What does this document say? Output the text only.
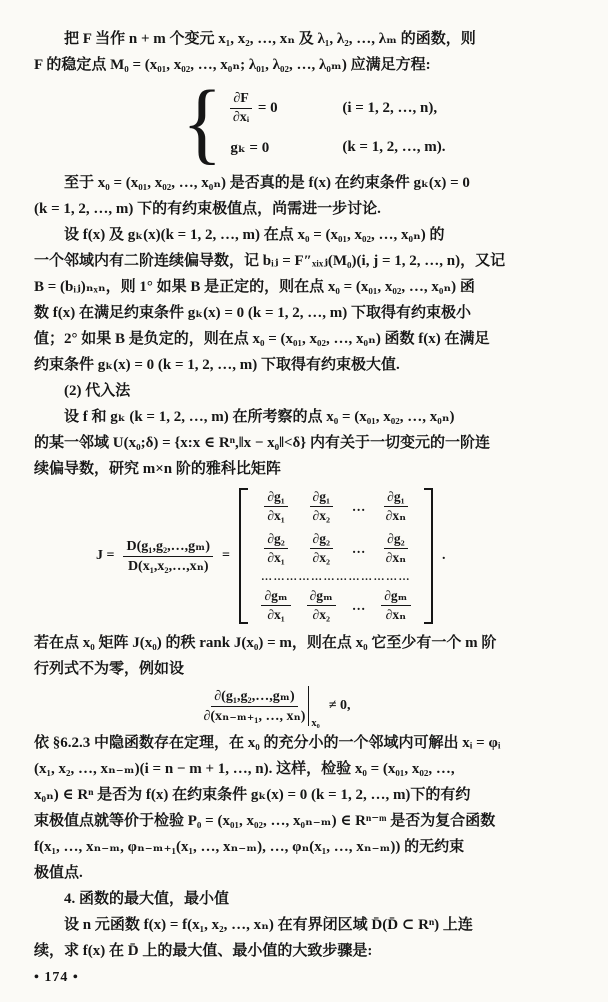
把 F 当作 n + m 个变元 x₁, x₂, …, xₙ 及 λ₁, λ₂, …, λₘ 的函数，则
F 的稳定点 M₀ = (x₀₁, x₀₂, …, x₀ₙ; λ₀₁, λ₀₂, …, λ₀ₘ) 应满足方程:
{ $\frac{\partial F}{\text{∂xᵢ}} = 0$	(i = 1, 2, …, n),
gₖ = 0	(k = 1, 2, …, m).
至于 x₀ = (x₀₁, x₀₂, …, x₀ₙ) 是否真的是 f(x) 在约束条件 gₖ(x) = 0
(k = 1, 2, …, m) 下的有约束极值点，尚需进一步讨论.
设 f(x) 及 gₖ(x)(k = 1, 2, …, m) 在点 x₀ = (x₀₁, x₀₂, …, x₀ₙ) 的
一个邻域内有二阶连续偏导数，记 bᵢⱼ = F″ₓᵢₓⱼ(M₀)(i, j = 1, 2, …, n)，又记
B = (bᵢⱼ)ₙₓₙ，则 1° 如果 B 是正定的，则在点 x₀ = (x₀₁, x₀₂, …, x₀ₙ) 函
数 f(x) 在满足约束条件 gₖ(x) = 0 (k = 1, 2, …, m) 下取得有约束极小
值；2° 如果 B 是负定的，则在点 x₀ = (x₀₁, x₀₂, …, x₀ₙ) 函数 f(x) 在满足
约束条件 gₖ(x) = 0 (k = 1, 2, …, m) 下取得有约束极大值.
(2) 代入法
设 f 和 gₖ (k = 1, 2, …, m) 在所考察的点 x₀ = (x₀₁, x₀₂, …, x₀ₙ)
的某一邻域 U(x₀;δ) = {x:x ∈ Rⁿ,‖x − x₀‖<δ} 内有关于一切变元的一阶连
续偏导数，研究 m×n 阶的雅科比矩阵
$J = \frac{\text{D(g₁,g₂,…,gₘ)}}{\text{D(x₁,x₂,…,xₙ)}}$ =
$\frac{\text{∂g₁}}{\text{∂x₁}} \frac{\text{∂g₁}}{\text{∂x₂}}$ … $\frac{\text{∂g₁}}{\text{∂xₙ}}$
$\frac{\text{∂g₂}}{\text{∂x₁}} \frac{\text{∂g₂}}{\text{∂x₂}}$ … $\frac{\text{∂g₂}}{\text{∂xₙ}}$
………………………………
$\frac{\text{∂gₘ}}{\text{∂x₁}} \frac{\text{∂gₘ}}{\text{∂x₂}}$ … $\frac{\text{∂gₘ}}{\text{∂xₙ}}$
.
若在点 x₀ 矩阵 J(x₀) 的秩 rank J(x₀) = m，则在点 x₀ 它至少有一个 m 阶
行列式不为零，例如设
$\frac{\text{∂(g₁,g₂,…,gₘ)}}{\text{∂(xₙ₋ₘ₊₁, …, xₙ)}} x_0$
≠ 0,
依 §6.2.3 中隐函数存在定理，在 x₀ 的充分小的一个邻域内可解出 xᵢ = φᵢ
(x₁, x₂, …, xₙ₋ₘ)(i = n − m + 1, …, n). 这样，检验 x₀ = (x₀₁, x₀₂, …,
x₀ₙ) ∈ Rⁿ 是否为 f(x) 在约束条件 gₖ(x) = 0 (k = 1, 2, …, m)下的有约
束极值点就等价于检验 P₀ = (x₀₁, x₀₂, …, x₀ₙ₋ₘ) ∈ Rⁿ⁻ᵐ 是否为复合函数
f(x₁, …, xₙ₋ₘ, φₙ₋ₘ₊₁(x₁, …, xₙ₋ₘ), …, φₙ(x₁, …, xₙ₋ₘ)) 的无约束
极值点.
4. 函数的最大值，最小值
设 n 元函数 f(x) = f(x₁, x₂, …, xₙ) 在有界闭区域 D̄(D̄ ⊂ Rⁿ) 上连
续，求 f(x) 在 D̄ 上的最大值、最小值的大致步骤是:
• 174 •
